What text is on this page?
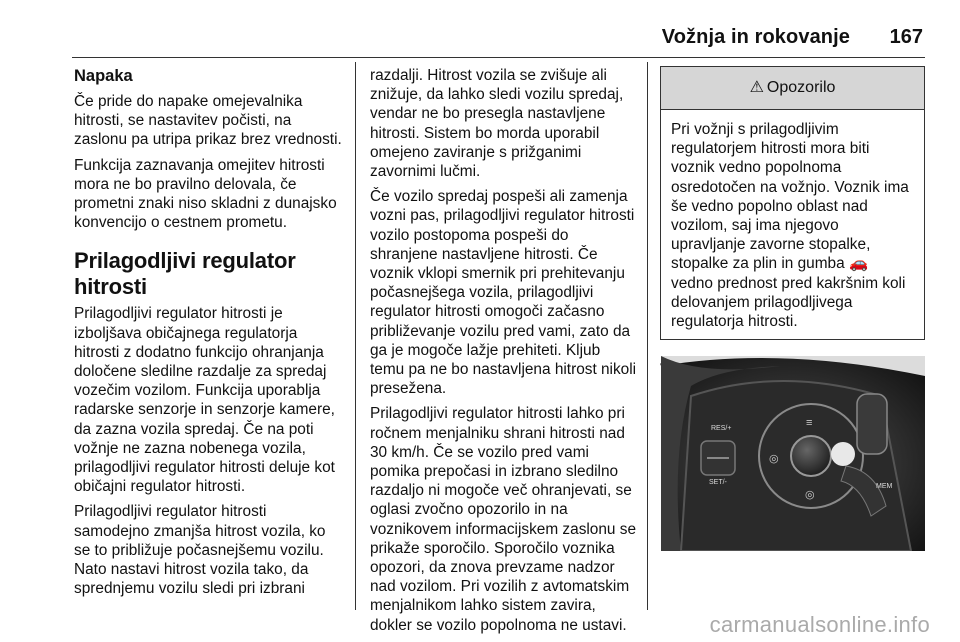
Vožnja in rokovanje 167
Napaka

Če pride do napake omejevalnika hitrosti, se nastavitev počisti, na zaslonu pa utripa prikaz brez vrednosti.

Funkcija zaznavanja omejitev hitrosti mora ne bo pravilno delovala, če prometni znaki niso skladni z dunajsko konvencijo o cestnem prometu.

Prilagodljivi regulator hitrosti

Prilagodljivi regulator hitrosti je izboljšava običajnega regulatorja hitrosti z dodatno funkcijo ohranjanja določene sledilne razdalje za spredaj vozečim vozilom. Funkcija uporablja radarske senzorje in senzorje kamere, da zazna vozila spredaj. Če na poti vožnje ne zazna nobenega vozila, prilagodljivi regulator hitrosti deluje kot običajni regulator hitrosti.

Prilagodljivi regulator hitrosti samodejno zmanjša hitrost vozila, ko se to približuje počasnejšemu vozilu. Nato nastavi hitrost vozila tako, da sprednjemu vozilu sledi pri izbrani

razdalji. Hitrost vozila se zvišuje ali znižuje, da lahko sledi vozilu spredaj, vendar ne bo presegla nastavljene hitrosti. Sistem bo morda uporabil omejeno zaviranje s prižganimi zavornimi lučmi.

Če vozilo spredaj pospeši ali zamenja vozni pas, prilagodljivi regulator hitrosti vozilo postopoma pospeši do shranjene nastavljene hitrosti. Če voznik vklopi smernik pri prehitevanju počasnejšega vozila, prilagodljivi regulator hitrosti omogoči začasno približevanje vozilu pred vami, zato da ga je mogoče lažje prehiteti. Kljub temu pa ne bo nastavljena hitrost nikoli presežena.

Prilagodljivi regulator hitrosti lahko pri ročnem menjalniku shrani hitrosti nad 30 km/h. Če se vozilo pred vami pomika prepočasi in izbrano sledilno razdaljo ni mogoče več ohranjevati, se oglasi zvočno opozorilo in na voznikovem informacijskem zaslonu se prikaže sporočilo. Sporočilo voznika opozori, da znova prevzame nadzor nad vozilom. Pri vozilih z avtomatskim menjalnikom lahko sistem zavira, dokler se vozilo popolnoma ne ustavi.

⚠ Opozorilo
Pri vožnji s prilagodljivim regulatorjem hitrosti mora biti voznik vedno popolnoma osredotočen na vožnjo. Voznik ima še vedno popolno oblast nad vozilom, saj ima njegovo upravljanje zavorne stopalke, stopalke za plin in gumba 🚗 vedno prednost pred kakršnim koli delovanjem prilagodljivega regulatorja hitrosti.
RES/+
SET/-
MEM
◎
≡
◎
carmanualsonline.info
